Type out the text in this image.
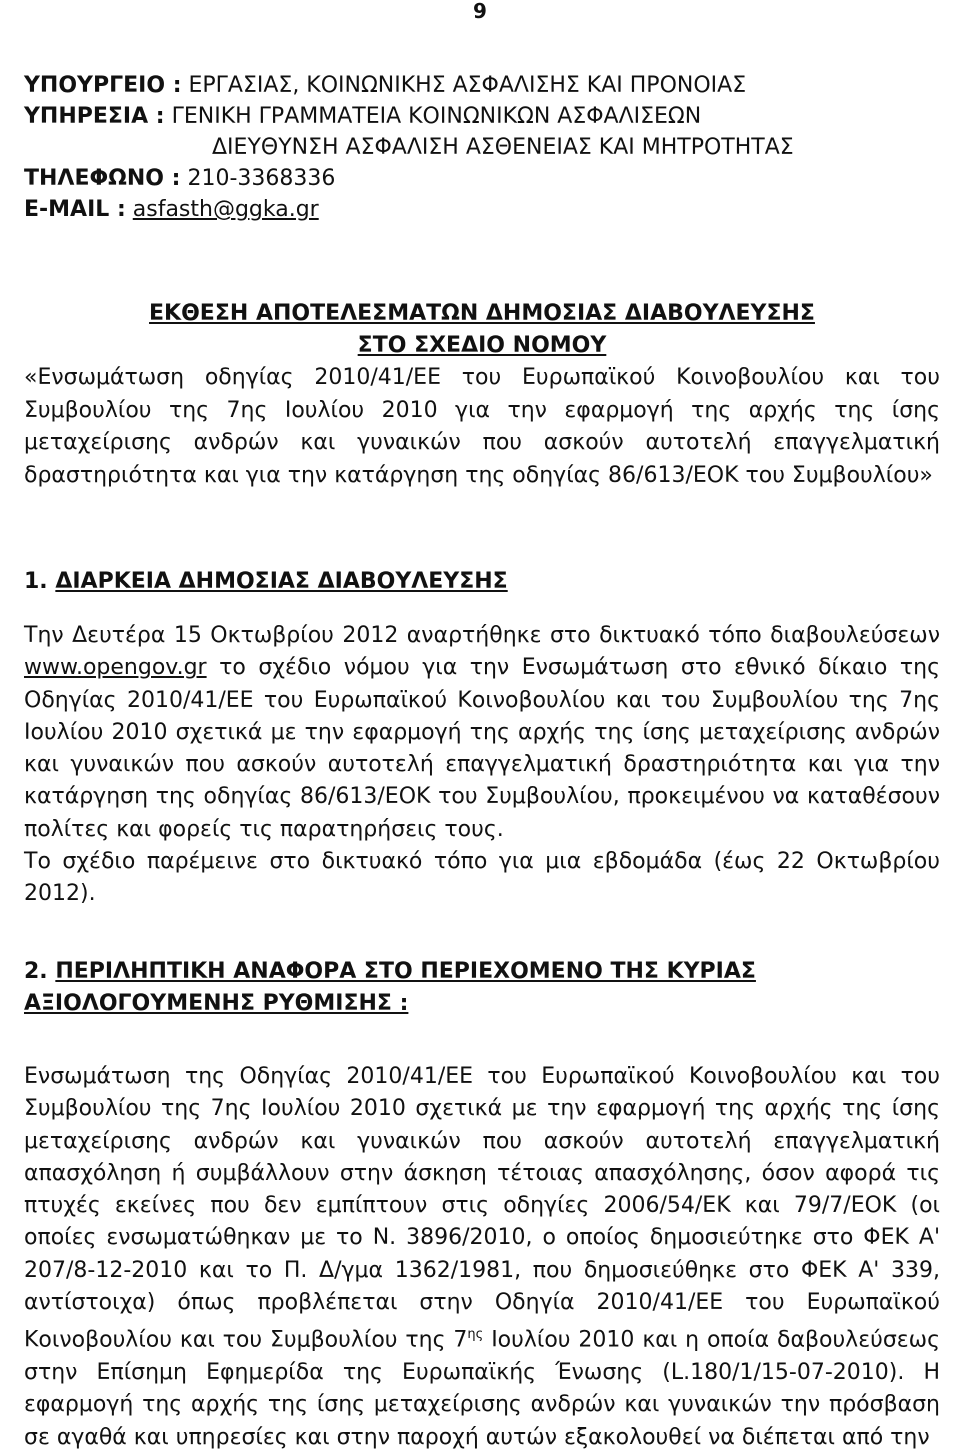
9
ΥΠΟΥΡΓΕΙΟ : ΕΡΓΑΣΙΑΣ, ΚΟΙΝΩΝΙΚΗΣ ΑΣΦΑΛΙΣΗΣ ΚΑΙ ΠΡΟΝΟΙΑΣ
ΥΠΗΡΕΣΙΑ : ΓΕΝΙΚΗ ΓΡΑΜΜΑΤΕΙΑ ΚΟΙΝΩΝΙΚΩΝ ΑΣΦΑΛΙΣΕΩΝ
ΔΙΕΥΘΥΝΣΗ ΑΣΦΑΛΙΣΗ ΑΣΘΕΝΕΙΑΣ ΚΑΙ ΜΗΤΡΟΤΗΤΑΣ
ΤΗΛΕΦΩΝΟ : 210-3368336
E-MAIL : asfasth@ggka.gr
ΕΚΘΕΣΗ ΑΠΟΤΕΛΕΣΜΑΤΩΝ ΔΗΜΟΣΙΑΣ ΔΙΑΒΟΥΛΕΥΣΗΣ
ΣΤΟ ΣΧΕΔΙΟ ΝΟΜΟΥ

«Ενσωμάτωση οδηγίας 2010/41/ΕΕ του Ευρωπαϊκού Κοινοβουλίου και του Συμβουλίου της 7ης Ιουλίου 2010 για την εφαρμογή της αρχής της ίσης μεταχείρισης ανδρών και γυναικών που ασκούν αυτοτελή επαγγελματική δραστηριότητα και για την κατάργηση της οδηγίας 86/613/ΕΟΚ του Συμβουλίου»

1. ΔΙΑΡΚΕΙΑ ΔΗΜΟΣΙΑΣ ΔΙΑΒΟΥΛΕΥΣΗΣ

Την Δευτέρα 15 Οκτωβρίου 2012 αναρτήθηκε στο δικτυακό τόπο διαβουλεύσεων www.opengov.gr το σχέδιο νόμου για την Ενσωμάτωση στο εθνικό δίκαιο της Οδηγίας 2010/41/ΕΕ του Ευρωπαϊκού Κοινοβουλίου και του Συμβουλίου της 7ης Ιουλίου 2010 σχετικά με την εφαρμογή της αρχής της ίσης μεταχείρισης ανδρών και γυναικών που ασκούν αυτοτελή επαγγελματική δραστηριότητα και για την κατάργηση της οδηγίας 86/613/ΕΟΚ του Συμβουλίου, προκειμένου να καταθέσουν πολίτες και φορείς τις παρατηρήσεις τους.

Το σχέδιο παρέμεινε στο δικτυακό τόπο για μια εβδομάδα (έως 22 Οκτωβρίου 2012).

2. ΠΕΡΙΛΗΠΤΙΚΗ ΑΝΑΦΟΡΑ ΣΤΟ ΠΕΡΙΕΧΟΜΕΝΟ ΤΗΣ ΚΥΡΙΑΣ
ΑΞΙΟΛΟΓΟΥΜΕΝΗΣ ΡΥΘΜΙΣΗΣ :

Ενσωμάτωση της Οδηγίας 2010/41/ΕΕ του Ευρωπαϊκού Κοινοβουλίου και του Συμβουλίου της 7ης Ιουλίου 2010 σχετικά με την εφαρμογή της αρχής της ίσης μεταχείρισης ανδρών και γυναικών που ασκούν αυτοτελή επαγγελματική απασχόληση ή συμβάλλουν στην άσκηση τέτοιας απασχόλησης, όσον αφορά τις πτυχές εκείνες που δεν εμπίπτουν στις οδηγίες 2006/54/ΕΚ και 79/7/ΕΟΚ (οι οποίες ενσωματώθηκαν με το Ν. 3896/2010, ο οποίος δημοσιεύτηκε στο ΦΕΚ Α' 207/8-12-2010 και το Π. Δ/γμα 1362/1981, που δημοσιεύθηκε στο ΦΕΚ Α' 339, αντίστοιχα) όπως προβλέπεται στην Οδηγία 2010/41/ΕΕ του Ευρωπαϊκού Κοινοβουλίου και του Συμβουλίου της $7^{\eta\varsigma}$ Ιουλίου 2010 και η οποία δαβουλεύσεως στην Επίσημη Εφημερίδα της Ευρωπαϊκής Ένωσης (L.180/1/15-07-2010). Η εφαρμογή της αρχής της ίσης μεταχείρισης ανδρών και γυναικών την πρόσβαση σε αγαθά και υπηρεσίες και στην παροχή αυτών εξακολουθεί να διέπεται από την
